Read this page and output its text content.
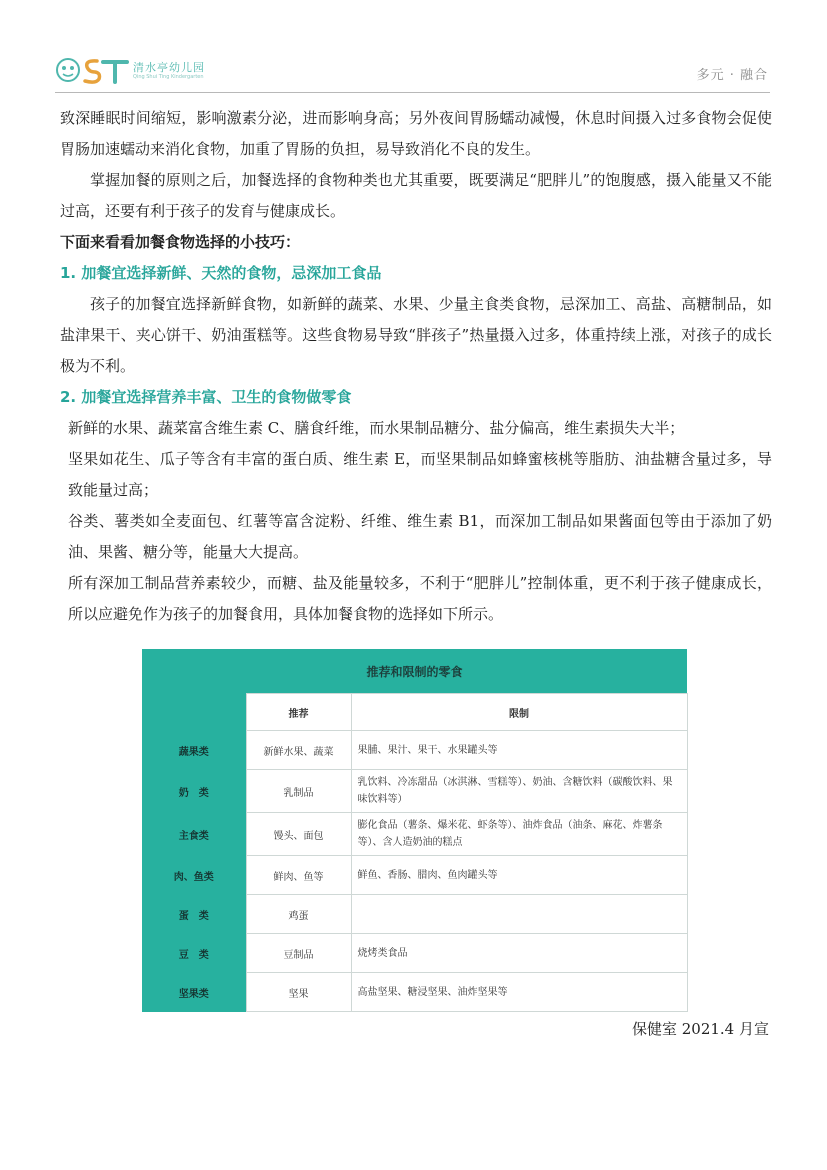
清水亭幼儿园
Qing Shui Ting Kindergarten	多元 · 融合

致深睡眠时间缩短，影响激素分泌，进而影响身高；另外夜间胃肠蠕动减慢，休息时间摄入过多食物会促使胃肠加速蠕动来消化食物，加重了胃肠的负担，易导致消化不良的发生。

掌握加餐的原则之后，加餐选择的食物种类也尤其重要，既要满足“肥胖儿”的饱腹感，摄入能量又不能过高，还要有利于孩子的发育与健康成长。

下面来看看加餐食物选择的小技巧：

1. 加餐宜选择新鲜、天然的食物，忌深加工食品

孩子的加餐宜选择新鲜食物，如新鲜的蔬菜、水果、少量主食类食物，忌深加工、高盐、高糖制品，如盐津果干、夹心饼干、奶油蛋糕等。这些食物易导致“胖孩子”热量摄入过多，体重持续上涨，对孩子的成长极为不利。

2. 加餐宜选择营养丰富、卫生的食物做零食

新鲜的水果、蔬菜富含维生素 C、膳食纤维，而水果制品糖分、盐分偏高，维生素损失大半；

坚果如花生、瓜子等含有丰富的蛋白质、维生素 E，而坚果制品如蜂蜜核桃等脂肪、油盐糖含量过多，导致能量过高；

谷类、薯类如全麦面包、红薯等富含淀粉、纤维、维生素 B1，而深加工制品如果酱面包等由于添加了奶油、果酱、糖分等，能量大大提高。

所有深加工制品营养素较少，而糖、盐及能量较多，不利于“肥胖儿”控制体重，更不利于孩子健康成长，所以应避免作为孩子的加餐食用，具体加餐食物的选择如下所示。

推荐和限制的零食		
	推荐	限制
蔬果类	新鲜水果、蔬菜	果脯、果汁、果干、水果罐头等
奶　类	乳制品	乳饮料、冷冻甜品（冰淇淋、雪糕等）、奶油、含糖饮料（碳酸饮料、果味饮料等）
主食类	馒头、面包	膨化食品（薯条、爆米花、虾条等）、油炸食品（油条、麻花、炸薯条等）、含人造奶油的糕点
肉、鱼类	鲜肉、鱼等	鲜鱼、香肠、腊肉、鱼肉罐头等
蛋　类	鸡蛋	
豆　类	豆制品	烧烤类食品
坚果类	坚果	高盐坚果、糖浸坚果、油炸坚果等
保健室 2021.4 月宣
